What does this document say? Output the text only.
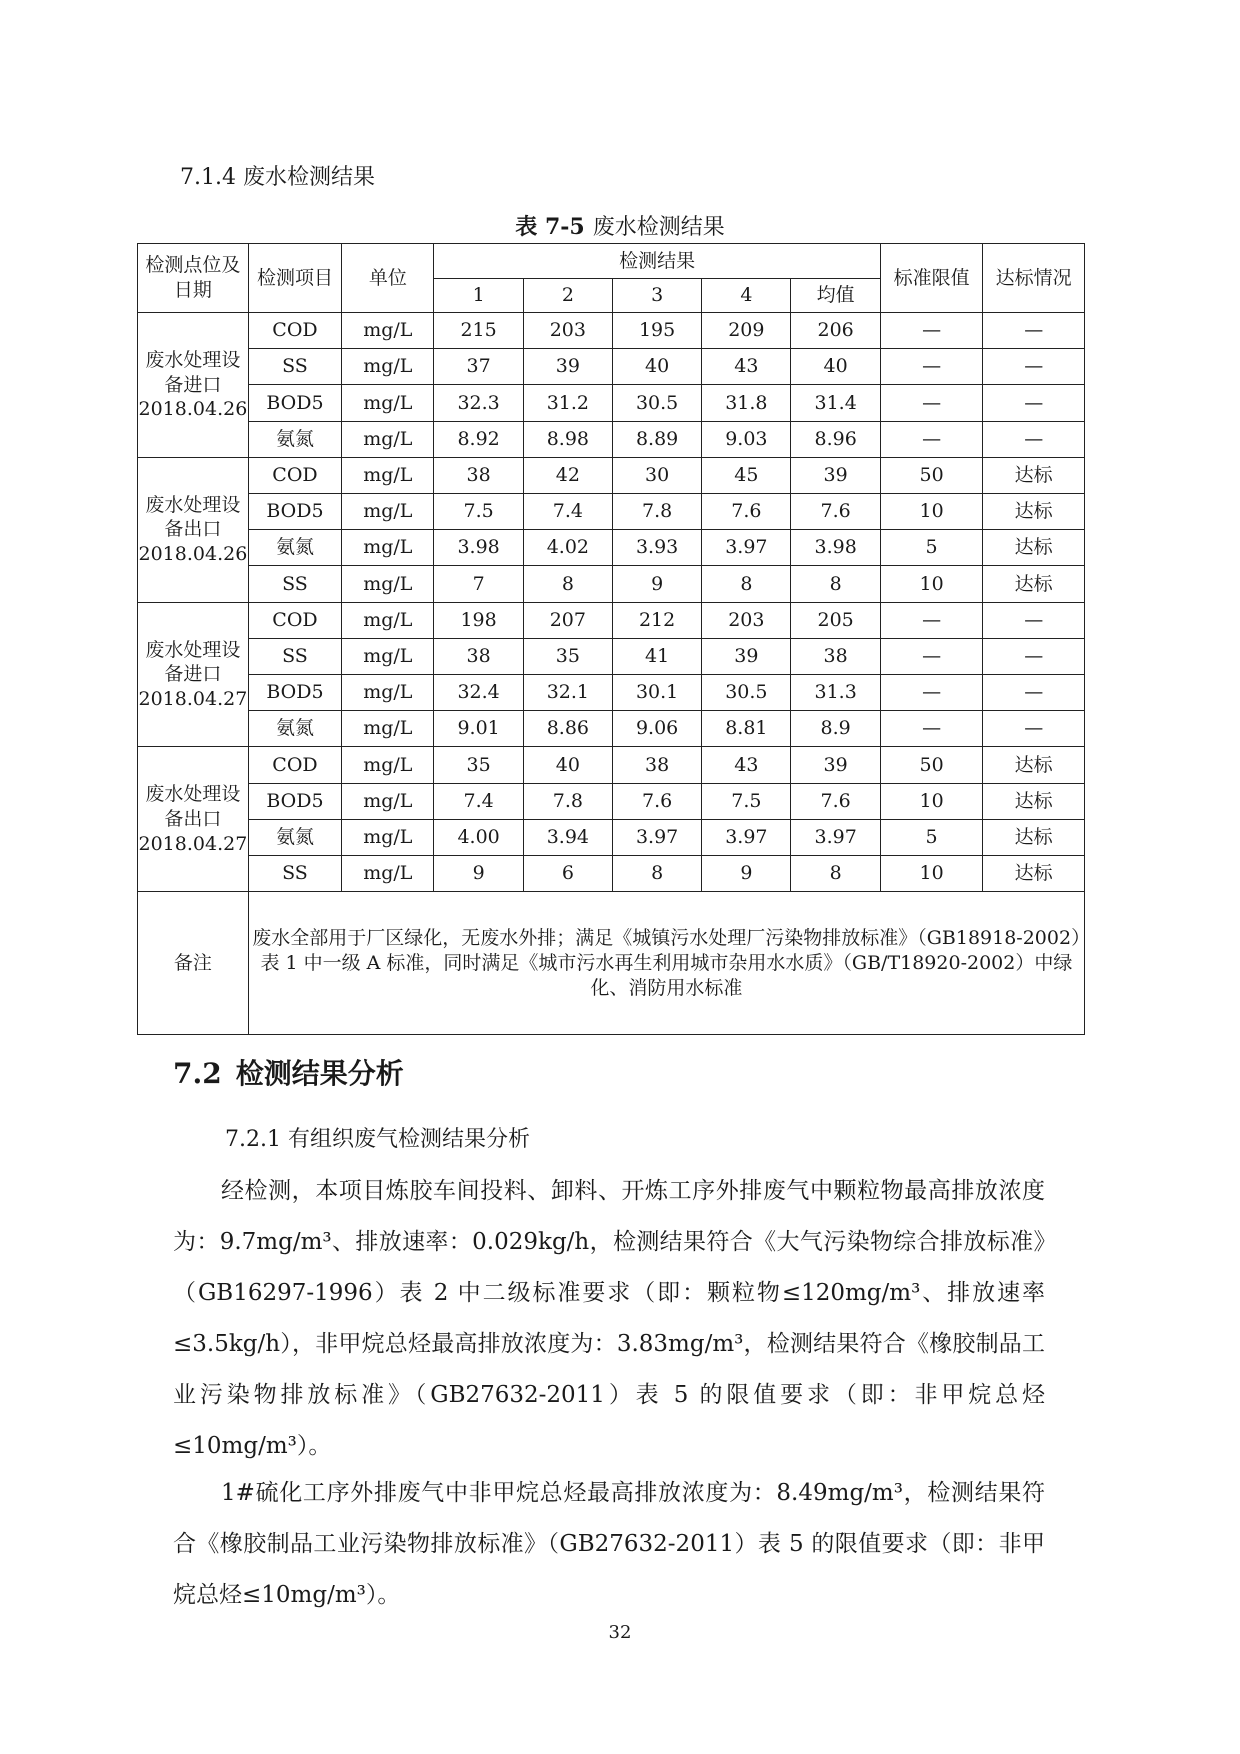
7.1.4 废水检测结果
表 7-5 废水检测结果
检测点位及日期	检测项目	单位	检测结果					标准限值	达标情况
			1	2	3	4	均值		
废水处理设备进口 2018.04.26	COD	mg/L	215	203	195	209	206	—	—
	SS	mg/L	37	39	40	43	40	—	—
	BOD5	mg/L	32.3	31.2	30.5	31.8	31.4	—	—
	氨氮	mg/L	8.92	8.98	8.89	9.03	8.96	—	—
废水处理设备出口 2018.04.26	COD	mg/L	38	42	30	45	39	50	达标
	BOD5	mg/L	7.5	7.4	7.8	7.6	7.6	10	达标
	氨氮	mg/L	3.98	4.02	3.93	3.97	3.98	5	达标
	SS	mg/L	7	8	9	8	8	10	达标
废水处理设备进口 2018.04.27	COD	mg/L	198	207	212	203	205	—	—
	SS	mg/L	38	35	41	39	38	—	—
	BOD5	mg/L	32.4	32.1	30.1	30.5	31.3	—	—
	氨氮	mg/L	9.01	8.86	9.06	8.81	8.9	—	—
废水处理设备出口 2018.04.27	COD	mg/L	35	40	38	43	39	50	达标
	BOD5	mg/L	7.4	7.8	7.6	7.5	7.6	10	达标
	氨氮	mg/L	4.00	3.94	3.97	3.97	3.97	5	达标
	SS	mg/L	9	6	8	9	8	10	达标
备注	废水全部用于厂区绿化，无废水外排；满足《城镇污水处理厂污染物排放标准》（GB18918-2002）表 1 中一级 A 标准，同时满足《城市污水再生利用城市杂用水水质》（GB/T18920-2002）中绿化、消防用水标准								
7.2 检测结果分析
7.2.1 有组织废气检测结果分析

经检测，本项目炼胶车间投料、卸料、开炼工序外排废气中颗粒物最高排放浓度为：9.7mg/m³、排放速率：0.029kg/h，检测结果符合《大气污染物综合排放标准》（GB16297-1996）表 2 中二级标准要求（即：颗粒物≤120mg/m³、排放速率≤3.5kg/h），非甲烷总烃最高排放浓度为：3.83mg/m³，检测结果符合《橡胶制品工业污染物排放标准》（GB27632-2011）表 5 的限值要求（即：非甲烷总烃≤10mg/m³）。

1#硫化工序外排废气中非甲烷总烃最高排放浓度为：8.49mg/m³，检测结果符合《橡胶制品工业污染物排放标准》（GB27632-2011）表 5 的限值要求（即：非甲烷总烃≤10mg/m³）。

32
